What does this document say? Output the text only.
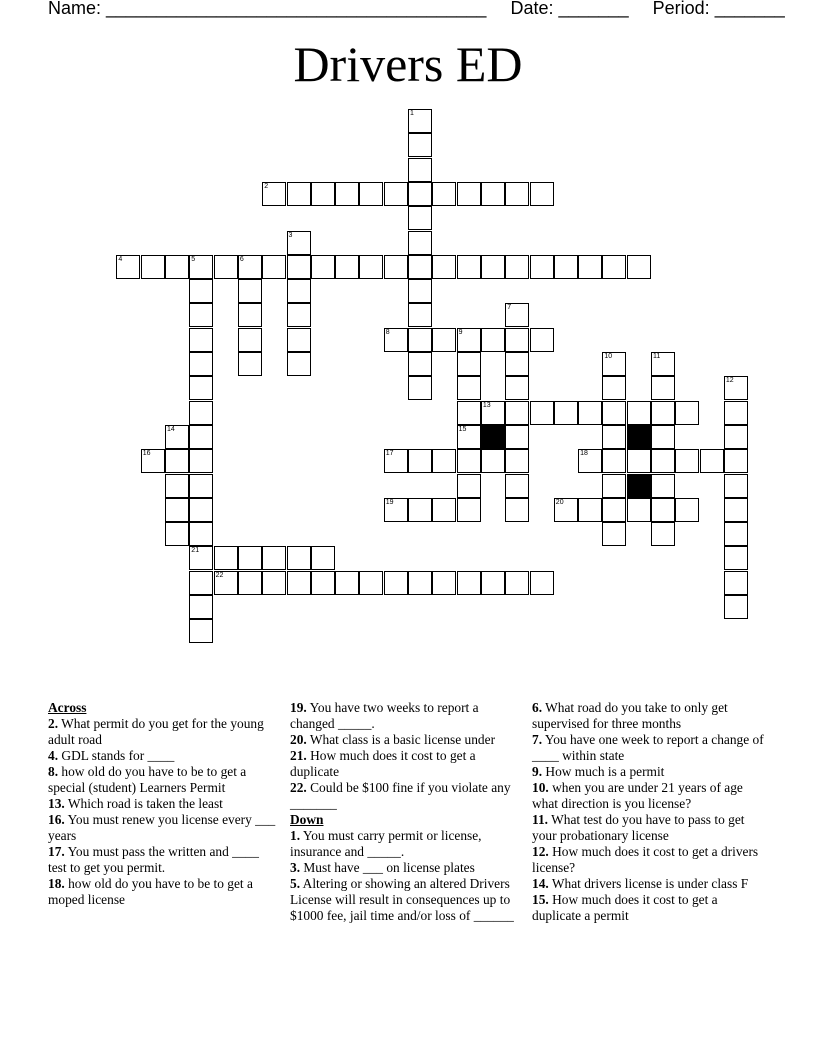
Name: ______________________________________ Date: _______ Period: _______
Drivers ED
2
4	5	6
8	9
13
16	17	18
19	20
21
22
1
3
7
15
10	11
12
14
Across
2. What permit do you get for the young adult road
4. GDL stands for ____
8. how old do you have to be to get a special (student) Learners Permit
13. Which road is taken the least
16. You must renew you license every ___ years
17. You must pass the written and ____ test to get you permit.
18. how old do you have to be to get a moped license
19. You have two weeks to report a changed _____.
20. What class is a basic license under
21. How much does it cost to get a duplicate
22. Could be $100 fine if you violate any _______
Down
1. You must carry permit or license, insurance and _____.
3. Must have ___ on license plates
5. Altering or showing an altered Drivers License will result in consequences up to $1000 fee, jail time and/or loss of ______
6. What road do you take to only get supervised for three months
7. You have one week to report a change of ____ within state
9. How much is a permit
10. when you are under 21 years of age what direction is you license?
11. What test do you have to pass to get your probationary license
12. How much does it cost to get a drivers license?
14. What drivers license is under class F
15. How much does it cost to get a duplicate a permit
